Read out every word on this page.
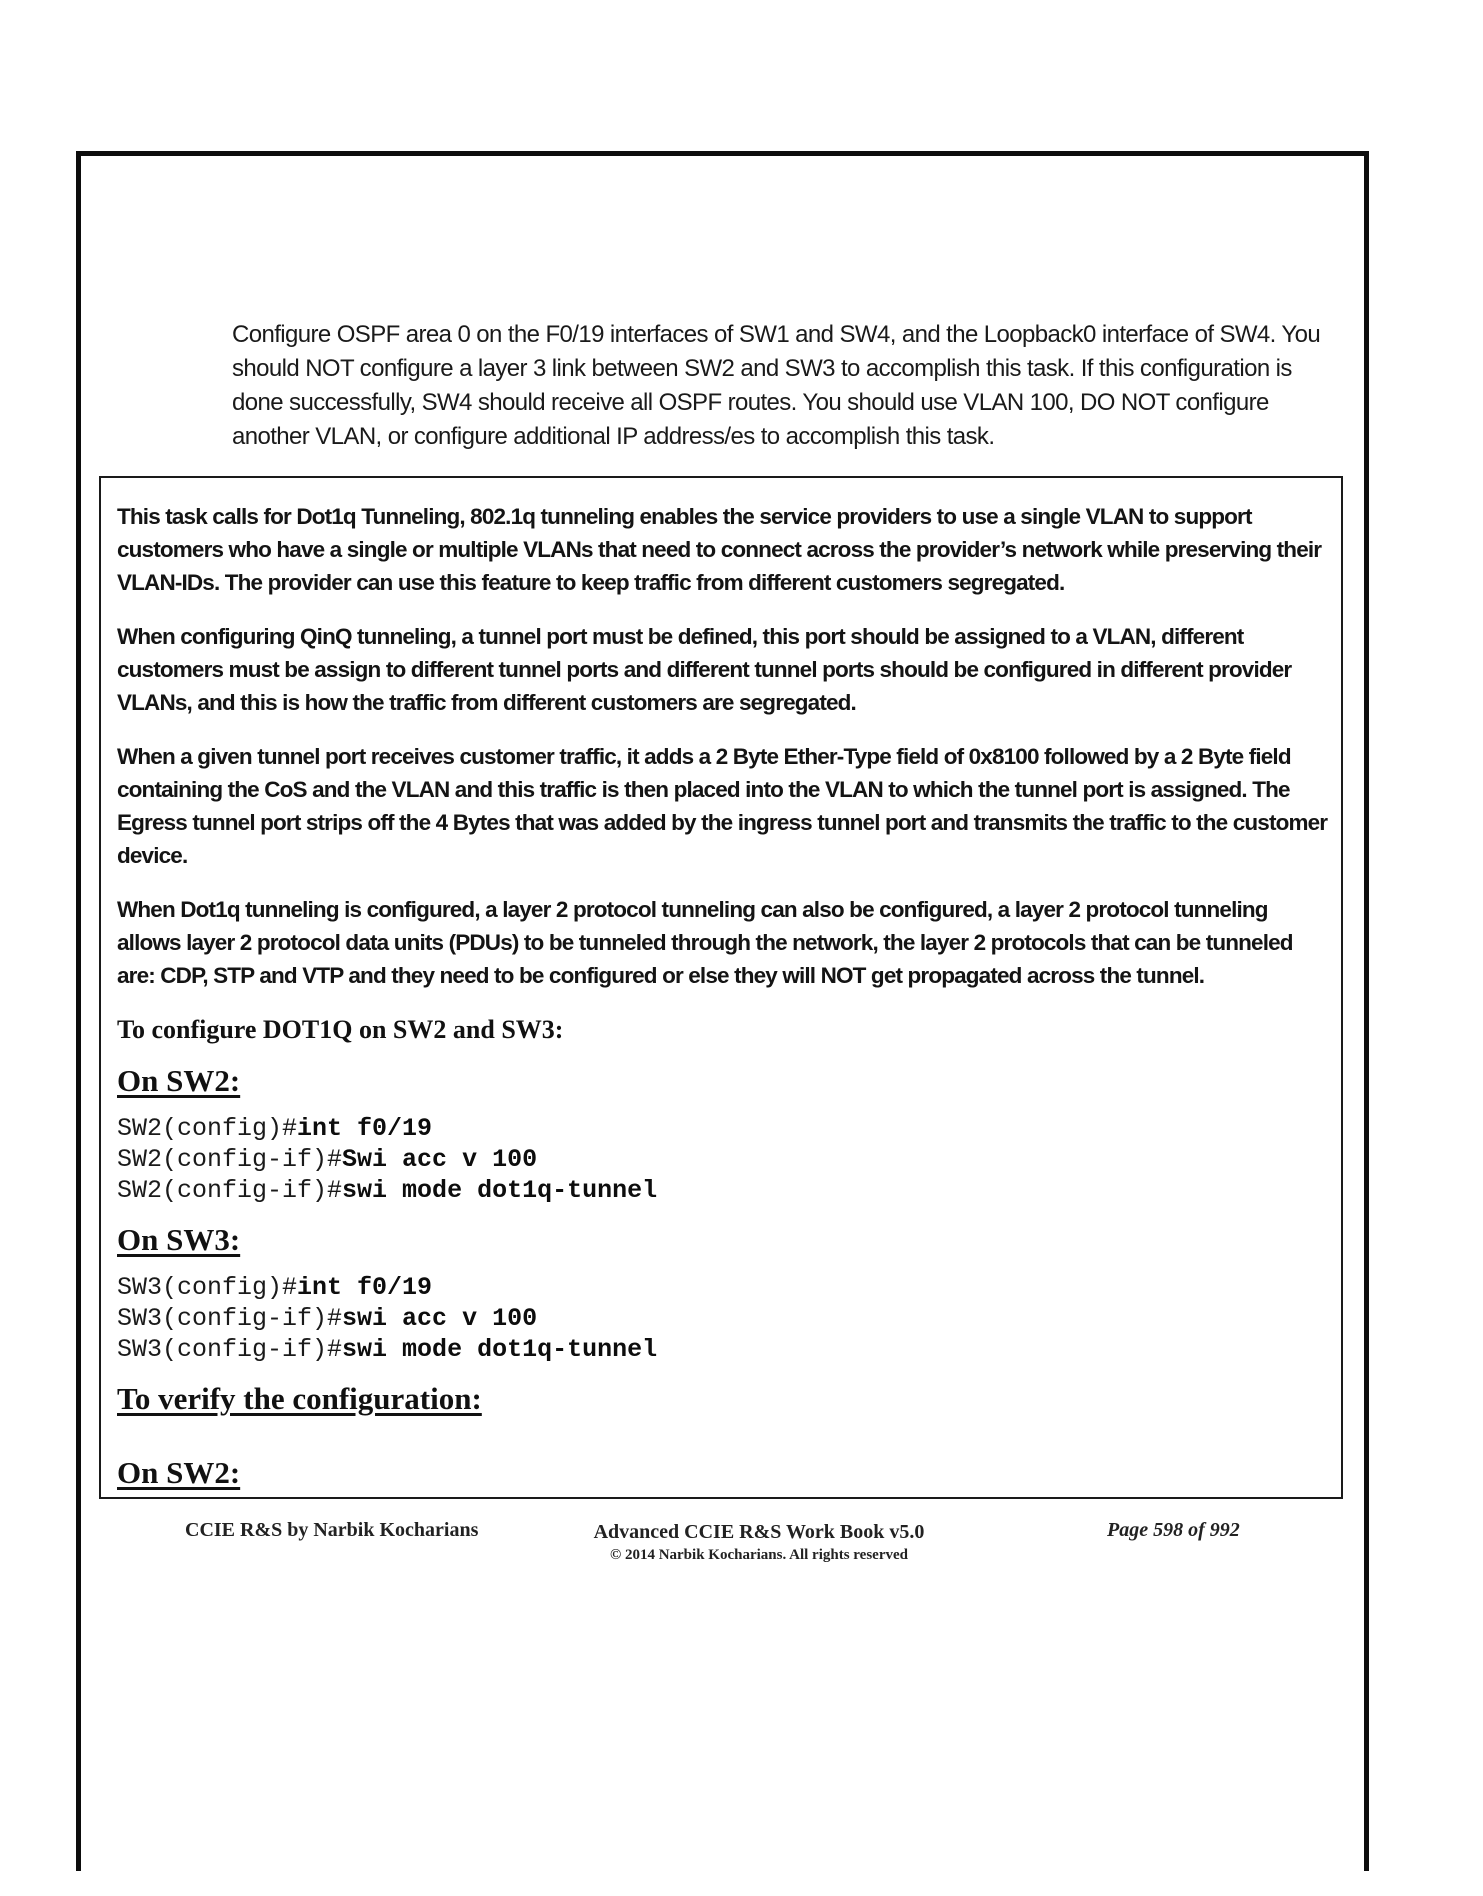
Configure OSPF area 0 on the F0/19 interfaces of SW1 and SW4, and the Loopback0 interface of SW4. You should NOT configure a layer 3 link between SW2 and SW3 to accomplish this task. If this configuration is done successfully, SW4 should receive all OSPF routes. You should use VLAN 100, DO NOT configure another VLAN, or configure additional IP address/es to accomplish this task.

This task calls for Dot1q Tunneling, 802.1q tunneling enables the service providers to use a single VLAN to support customers who have a single or multiple VLANs that need to connect across the provider’s network while preserving their VLAN-IDs. The provider can use this feature to keep traffic from different customers segregated.

When configuring QinQ tunneling, a tunnel port must be defined, this port should be assigned to a VLAN, different customers must be assign to different tunnel ports and different tunnel ports should be configured in different provider VLANs, and this is how the traffic from different customers are segregated.

When a given tunnel port receives customer traffic, it adds a 2 Byte Ether-Type field of 0x8100 followed by a 2 Byte field containing the CoS and the VLAN and this traffic is then placed into the VLAN to which the tunnel port is assigned. The Egress tunnel port strips off the 4 Bytes that was added by the ingress tunnel port and transmits the traffic to the customer device.

When Dot1q tunneling is configured, a layer 2 protocol tunneling can also be configured, a layer 2 protocol tunneling allows layer 2 protocol data units (PDUs) to be tunneled through the network, the layer 2 protocols that can be tunneled are: CDP, STP and VTP and they need to be configured or else they will NOT get propagated across the tunnel.

To configure DOT1Q on SW2 and SW3:
On SW2:
SW2(config)#int f0/19
SW2(config-if)#Swi acc v 100
SW2(config-if)#swi mode dot1q-tunnel
On SW3:
SW3(config)#int f0/19
SW3(config-if)#swi acc v 100
SW3(config-if)#swi mode dot1q-tunnel
To verify the configuration:
On SW2:
CCIE R&S by Narbik Kocharians	Advanced CCIE R&S Work Book v5.0
© 2014 Narbik Kocharians. All rights reserved
Page 598 of 992
